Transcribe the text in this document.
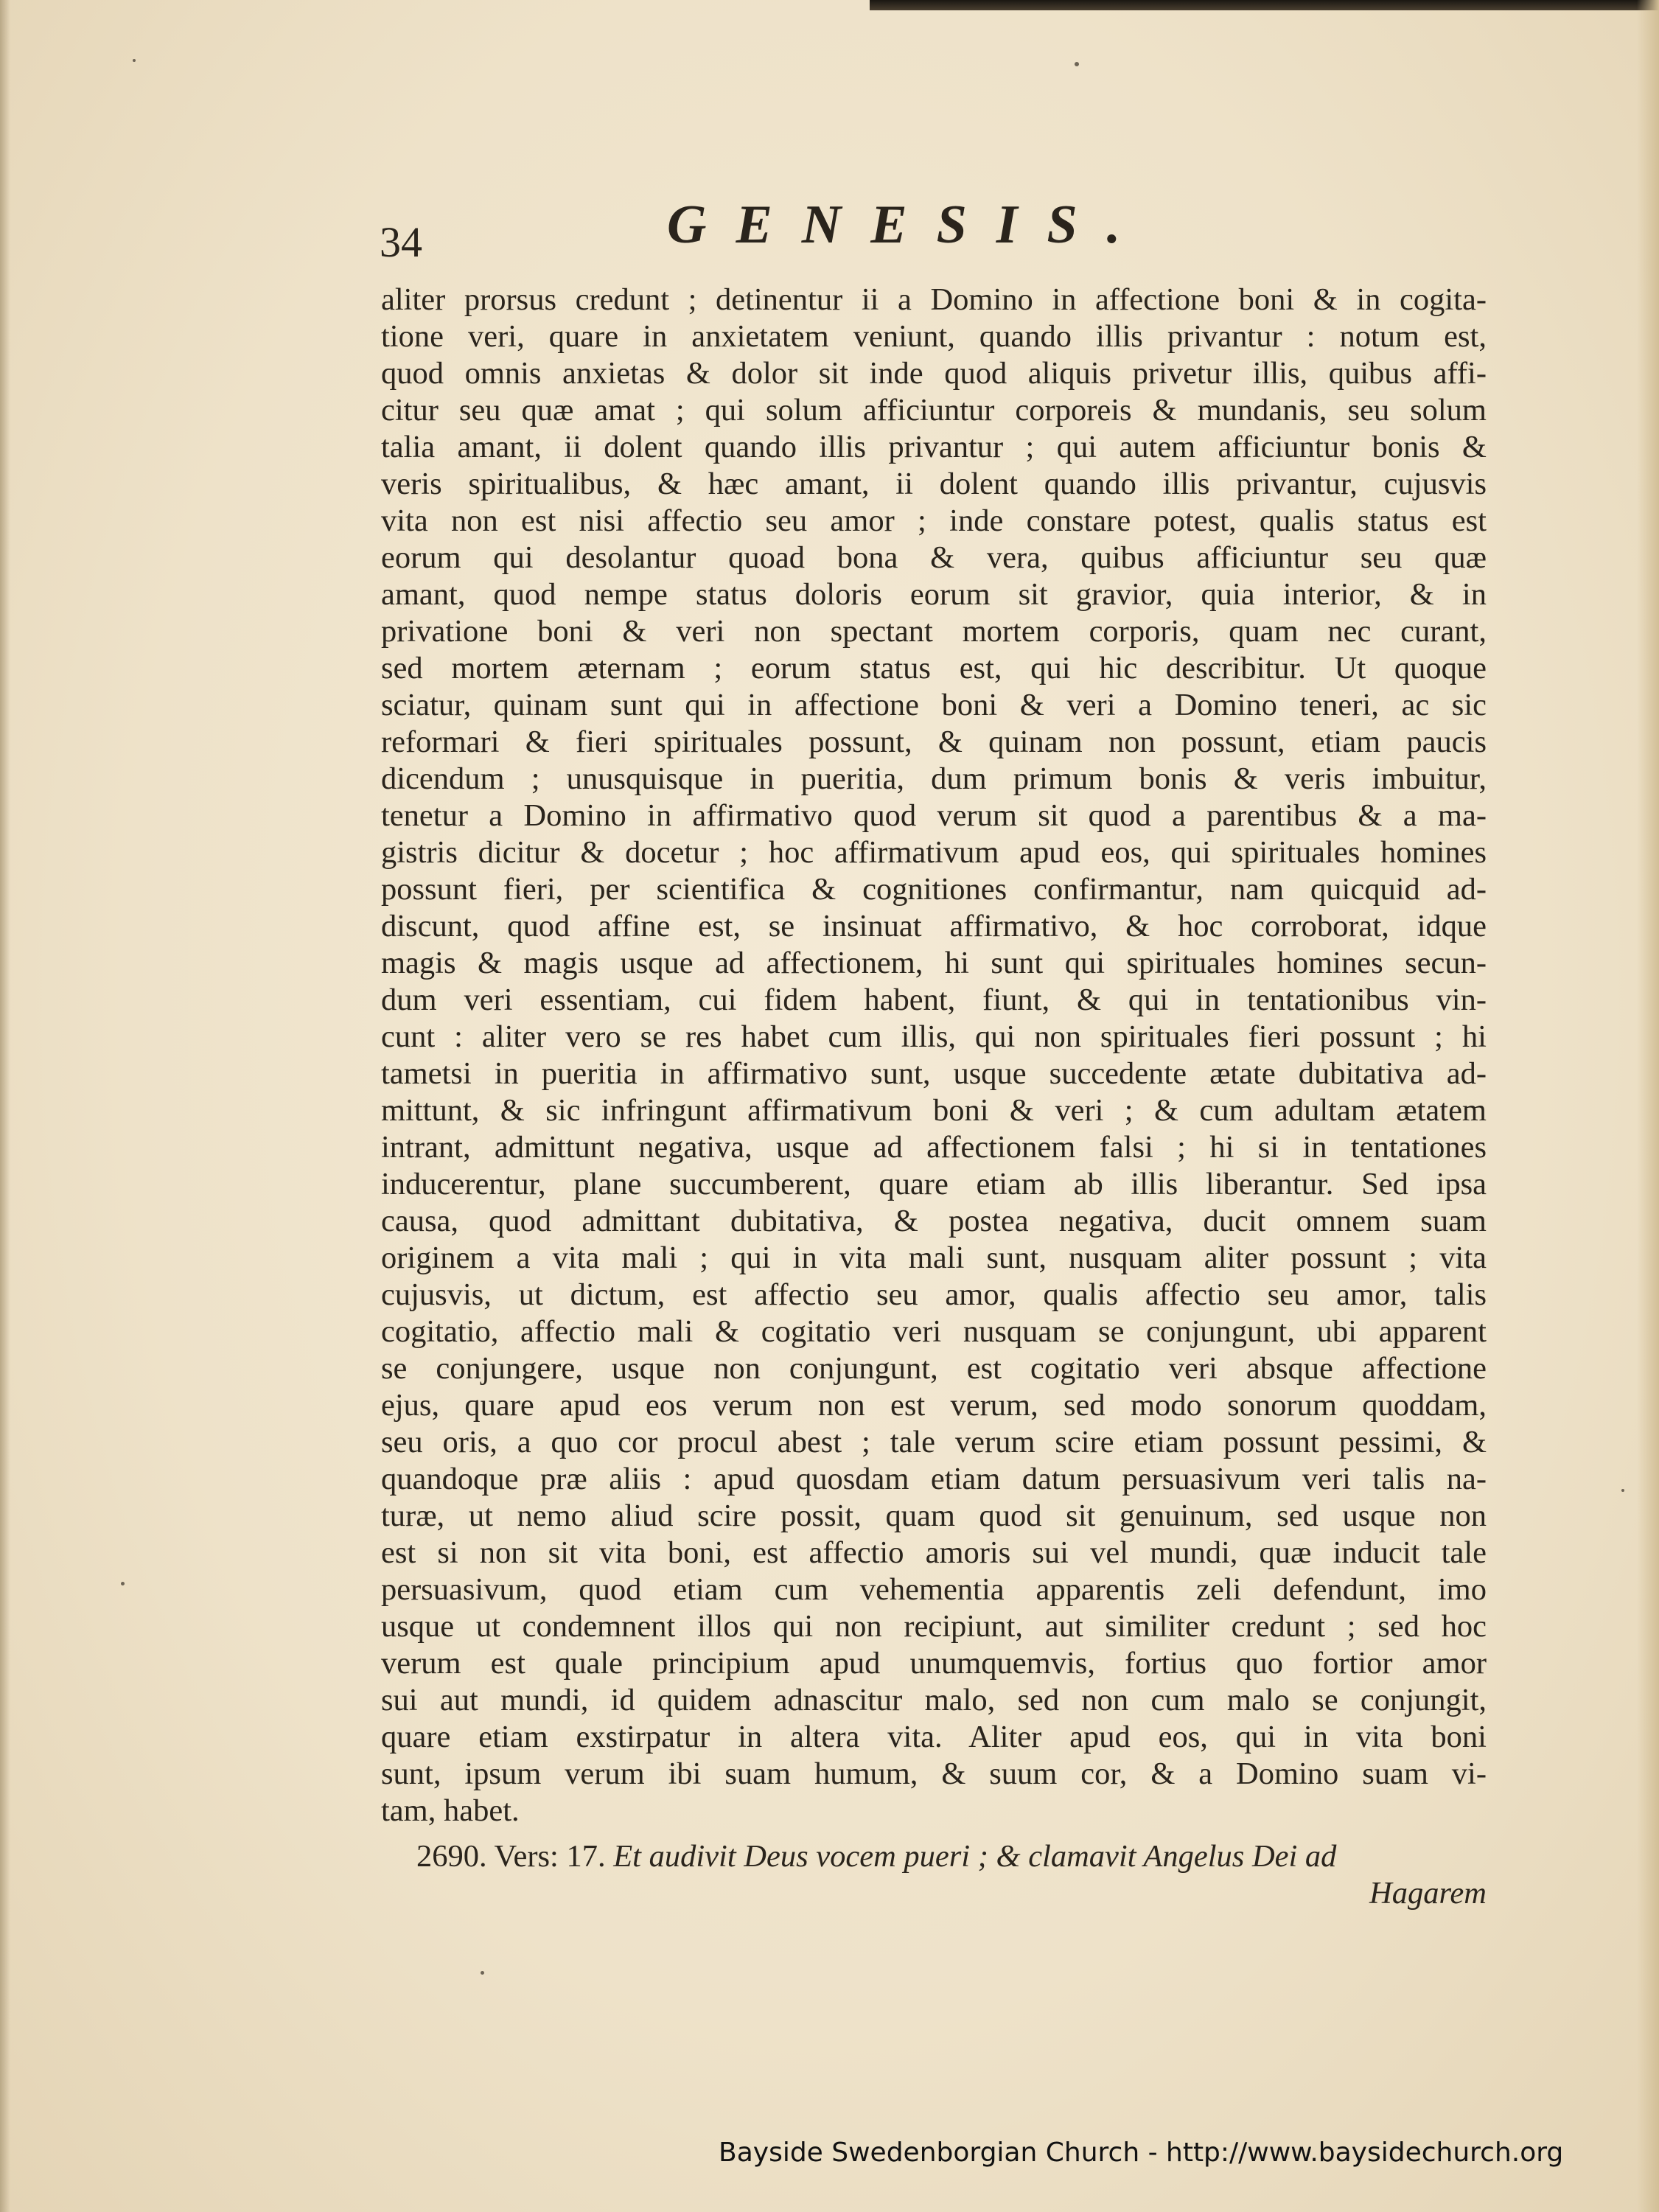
34	GENESIS.
aliter prorsus credunt ; detinentur ii a Domino in affectione boni & in cogita-
tione veri, quare in anxietatem veniunt, quando illis privantur : notum est,
quod omnis anxietas & dolor sit inde quod aliquis privetur illis, quibus affi-
citur seu quæ amat ; qui solum afficiuntur corporeis & mundanis, seu solum
talia amant, ii dolent quando illis privantur ; qui autem afficiuntur bonis &
veris spiritualibus, & hæc amant, ii dolent quando illis privantur, cujusvis
vita non est nisi affectio seu amor ; inde constare potest, qualis status est
eorum qui desolantur quoad bona & vera, quibus afficiuntur seu quæ
amant, quod nempe status doloris eorum sit gravior, quia interior, & in
privatione boni & veri non spectant mortem corporis, quam nec curant,
sed mortem æternam ; eorum status est, qui hic describitur. Ut quoque
sciatur, quinam sunt qui in affectione boni & veri a Domino teneri, ac sic
reformari & fieri spirituales possunt, & quinam non possunt, etiam paucis
dicendum ; unusquisque in pueritia, dum primum bonis & veris imbuitur,
tenetur a Domino in affirmativo quod verum sit quod a parentibus & a ma-
gistris dicitur & docetur ; hoc affirmativum apud eos, qui spirituales homines
possunt fieri, per scientifica & cognitiones confirmantur, nam quicquid ad-
discunt, quod affine est, se insinuat affirmativo, & hoc corroborat, idque
magis & magis usque ad affectionem, hi sunt qui spirituales homines secun-
dum veri essentiam, cui fidem habent, fiunt, & qui in tentationibus vin-
cunt : aliter vero se res habet cum illis, qui non spirituales fieri possunt ; hi
tametsi in pueritia in affirmativo sunt, usque succedente ætate dubitativa ad-
mittunt, & sic infringunt affirmativum boni & veri ; & cum adultam ætatem
intrant, admittunt negativa, usque ad affectionem falsi ; hi si in tentationes
inducerentur, plane succumberent, quare etiam ab illis liberantur. Sed ipsa
causa, quod admittant dubitativa, & postea negativa, ducit omnem suam
originem a vita mali ; qui in vita mali sunt, nusquam aliter possunt ; vita
cujusvis, ut dictum, est affectio seu amor, qualis affectio seu amor, talis
cogitatio, affectio mali & cogitatio veri nusquam se conjungunt, ubi apparent
se conjungere, usque non conjungunt, est cogitatio veri absque affectione
ejus, quare apud eos verum non est verum, sed modo sonorum quoddam,
seu oris, a quo cor procul abest ; tale verum scire etiam possunt pessimi, &
quandoque præ aliis : apud quosdam etiam datum persuasivum veri talis na-
turæ, ut nemo aliud scire possit, quam quod sit genuinum, sed usque non
est si non sit vita boni, est affectio amoris sui vel mundi, quæ inducit tale
persuasivum, quod etiam cum vehementia apparentis zeli defendunt, imo
usque ut condemnent illos qui non recipiunt, aut similiter credunt ; sed hoc
verum est quale principium apud unumquemvis, fortius quo fortior amor
sui aut mundi, id quidem adnascitur malo, sed non cum malo se conjungit,
quare etiam exstirpatur in altera vita. Aliter apud eos, qui in vita boni
sunt, ipsum verum ibi suam humum, & suum cor, & a Domino suam vi-
tam, habet.
2690. Vers: 17. Et audivit Deus vocem pueri ; & clamavit Angelus Dei ad
Hagarem
Bayside Swedenborgian Church - http://www.baysidechurch.org
